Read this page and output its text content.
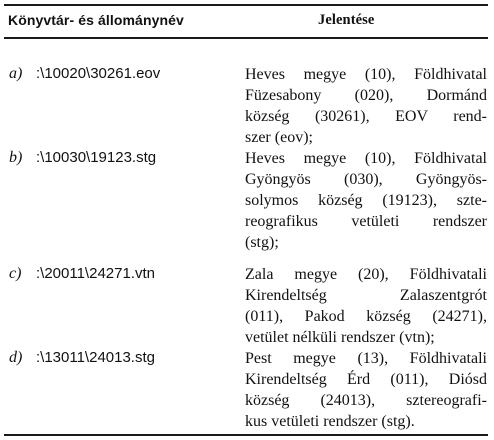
Könyvtár- és állománynév	Jelentése
a) :\10020\30261.eov	Heves megye (10), Földhivatal
Füzesabony (020), Dormánd
község (30261), EOV rend-
szer (eov);
b) :\10030\19123.stg	Heves megye (10), Földhivatal
Gyöngyös (030), Gyöngyös-
solymos község (19123), szte-
reografikus vetületi rendszer
(stg);
c) :\20011\24271.vtn	Zala megye (20), Földhivatali
Kirendeltség Zalaszentgrót
(011), Pakod község (24271),
vetület nélküli rendszer (vtn);
d) :\13011\24013.stg	Pest megye (13), Földhivatali
Kirendeltség Érd (011), Diósd
község (24013), sztereografi-
kus vetületi rendszer (stg).
